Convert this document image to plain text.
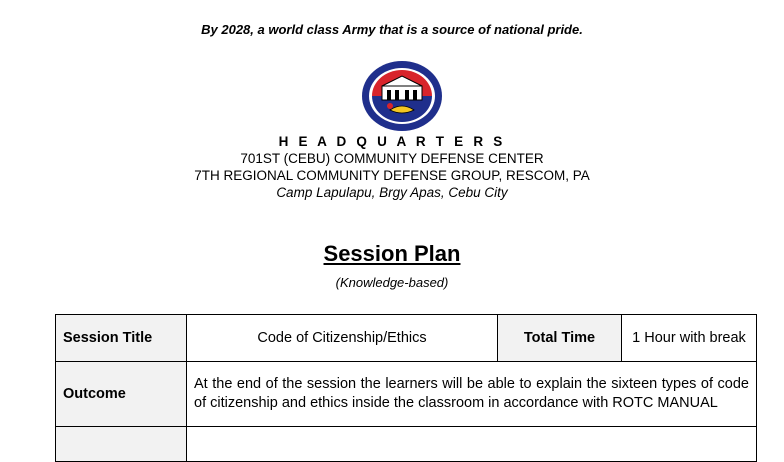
By 2028, a world class Army that is a source of national pride.
H E A D Q U A R T E R S
701ST (CEBU) COMMUNITY DEFENSE CENTER
7TH REGIONAL COMMUNITY DEFENSE GROUP, RESCOM, PA
Camp Lapulapu, Brgy Apas, Cebu City
Session Plan
(Knowledge-based)
Session Title	Code of Citizenship/Ethics	Total Time	1 Hour with break
Outcome	At the end of the session the learners will be able to explain the sixteen types of code of citizenship and ethics inside the classroom in accordance with ROTC MANUAL		
